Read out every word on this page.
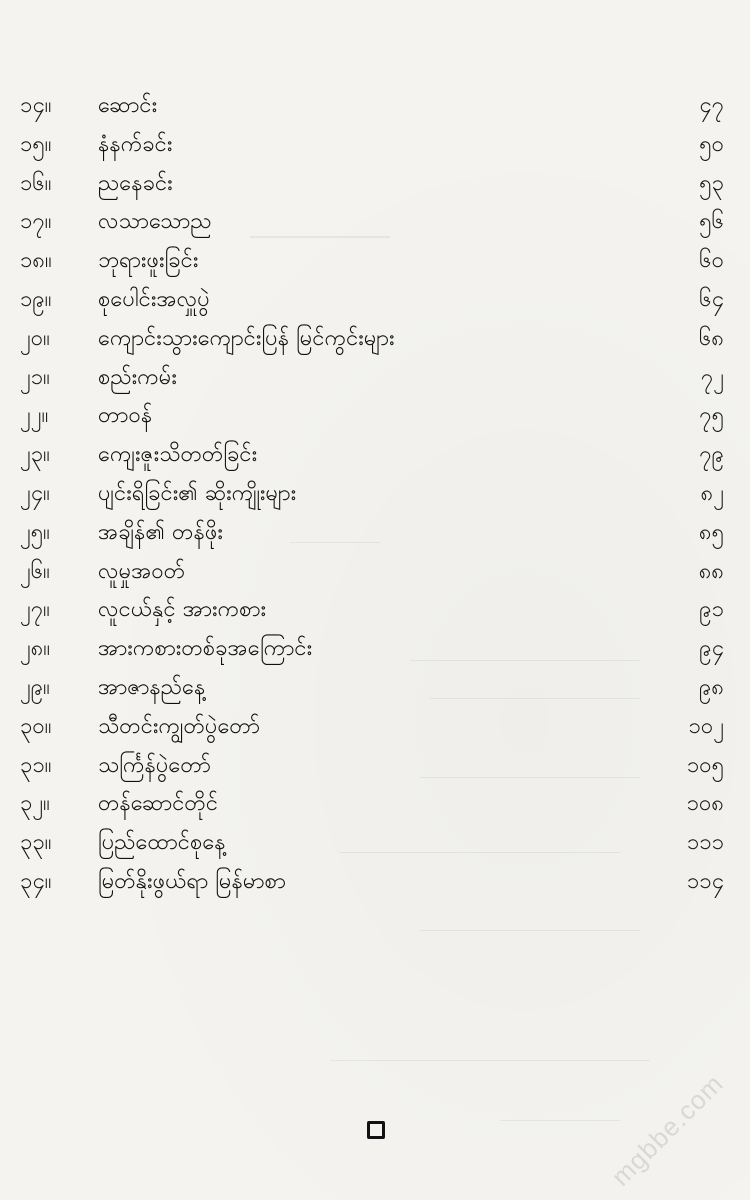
၁၄။	ဆောင်း	၄၇
၁၅။	နံနက်ခင်း	၅၀
၁၆။	ညနေခင်း	၅၃
၁၇။	လသာသောည	၅၆
၁၈။	ဘုရားဖူးခြင်း	၆၀
၁၉။	စုပေါင်းအလှူပွဲ	၆၄
၂၀။	ကျောင်းသွားကျောင်းပြန် မြင်ကွင်းများ	၆၈
၂၁။	စည်းကမ်း	၇၂
၂၂။	တာဝန်	၇၅
၂၃။	ကျေးဇူးသိတတ်ခြင်း	၇၉
၂၄။	ပျင်းရိခြင်း၏ ဆိုးကျိုးများ	၈၂
၂၅။	အချိန်၏ တန်ဖိုး	၈၅
၂၆။	လူမှုအဝတ်	၈၈
၂၇။	လူငယ်နှင့် အားကစား	၉၁
၂၈။	အားကစားတစ်ခုအကြောင်း	၉၄
၂၉။	အာဇာနည်နေ့	၉၈
၃၀။	သီတင်းကျွတ်ပွဲတော်	၁၀၂
၃၁။	သင်္ကြန်ပွဲတော်	၁၀၅
၃၂။	တန်ဆောင်တိုင်	၁၀၈
၃၃။	ပြည်ထောင်စုနေ့	၁၁၁
၃၄။	မြတ်နိုးဖွယ်ရာ မြန်မာစာ	၁၁၄
mgbbe.com
